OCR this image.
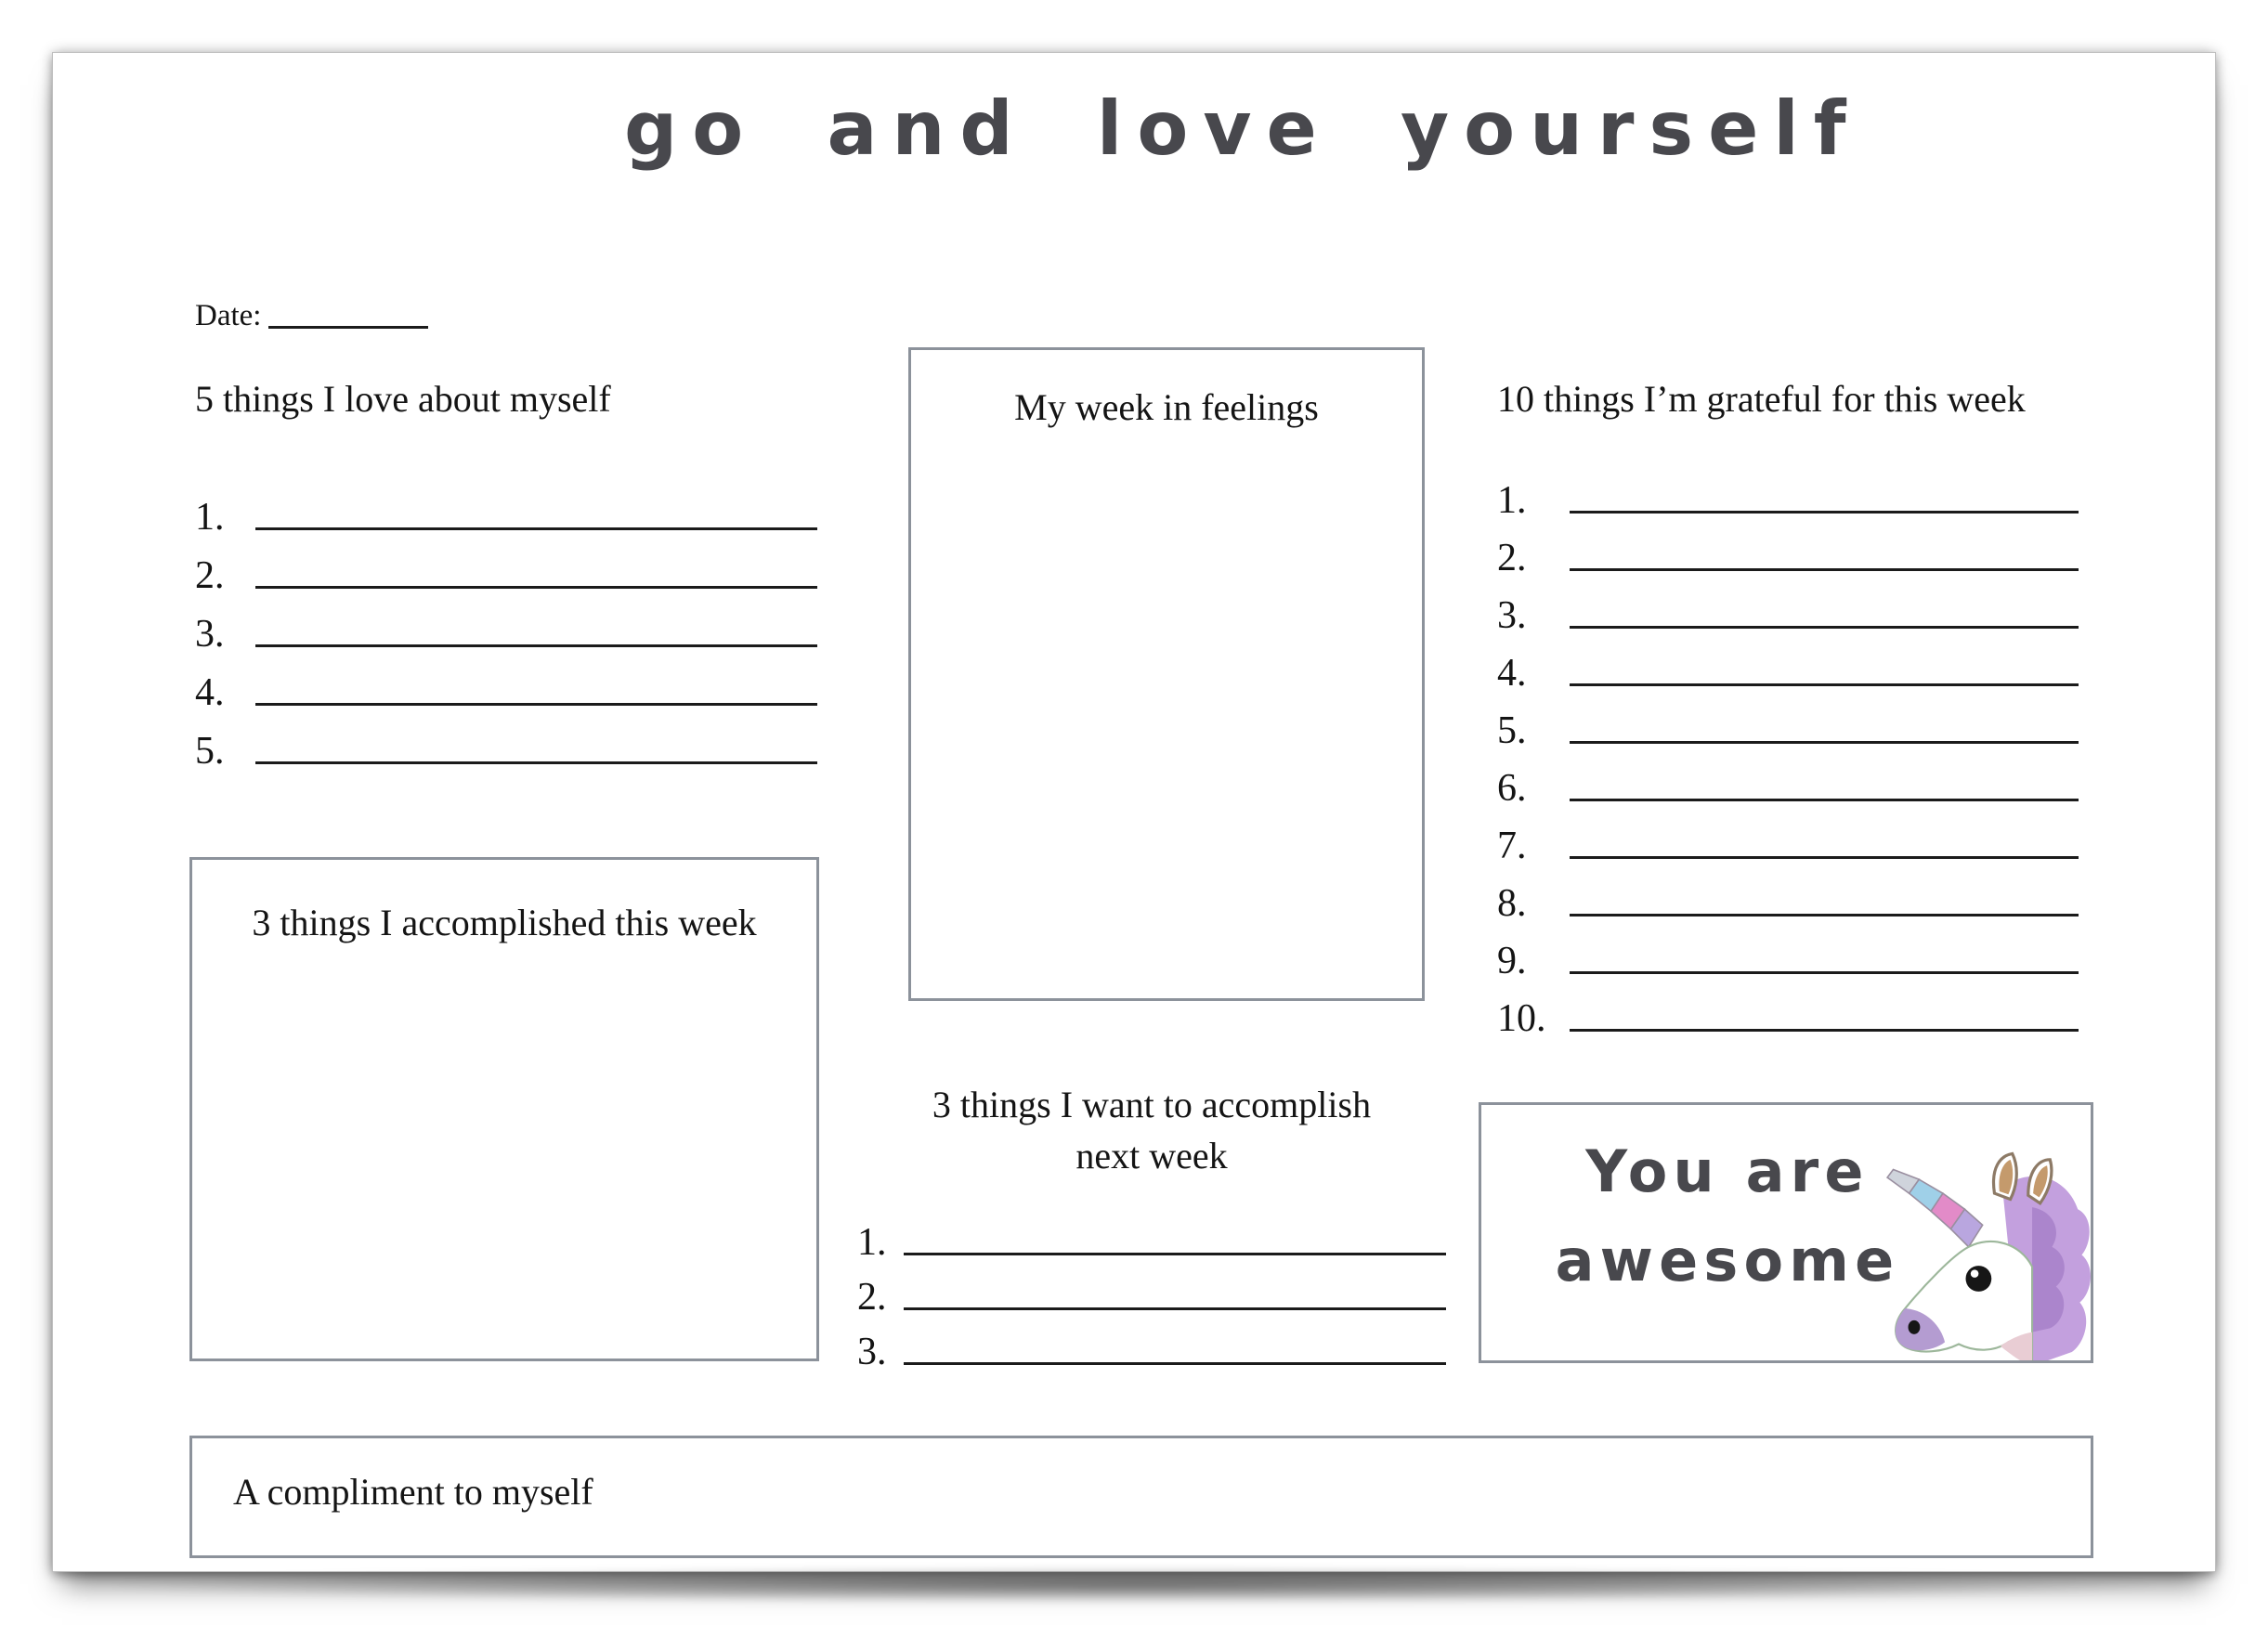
go and love yourself
Date:
5 things I love about myself
1.
2.
3.
4.
5.
My week in feelings	10 things I’m grateful for this week
1.
2.
3.
4.
5.
6.
7.
8.
9.
10.
3 things I accomplished this week
3 things I want to accomplish
next week
1.
2.
3.
You are
awesome
A compliment to myself
